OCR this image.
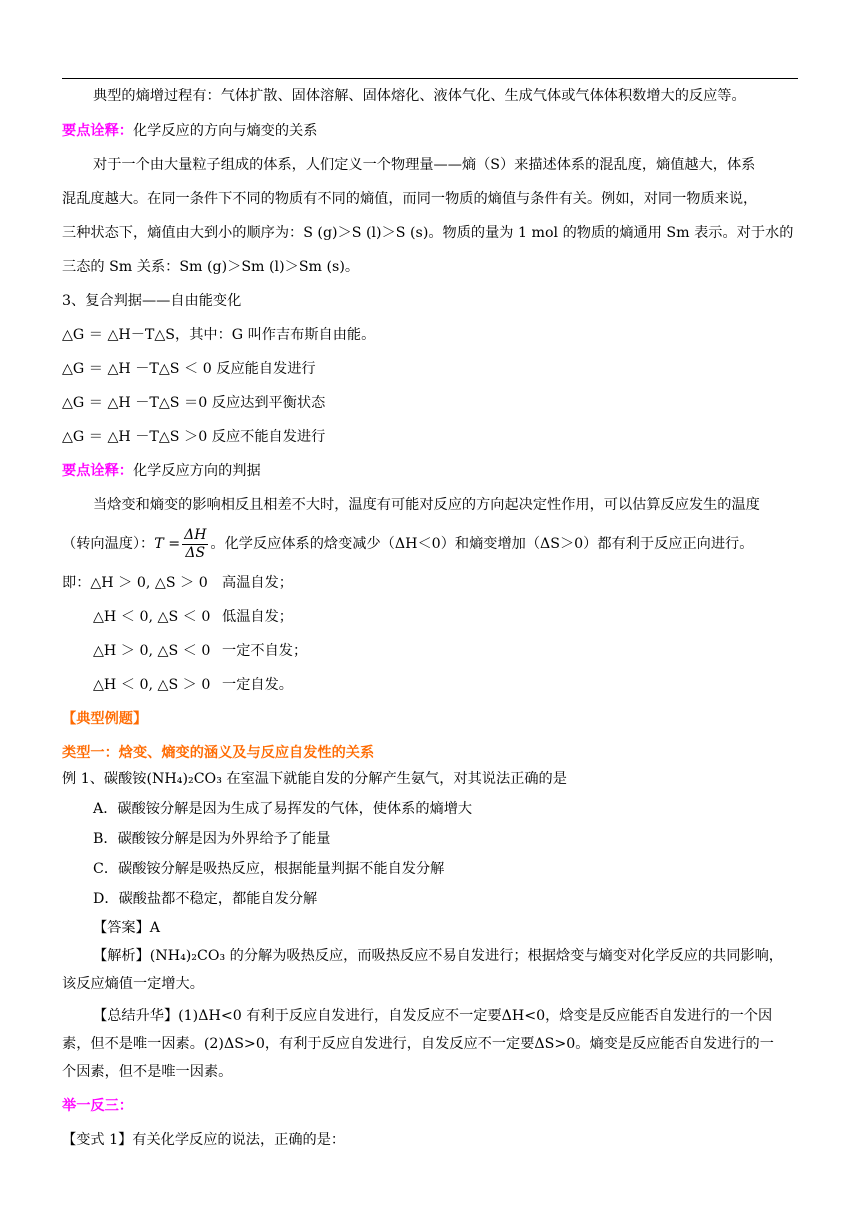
典型的熵增过程有：气体扩散、固体溶解、固体熔化、液体气化、生成气体或气体体积数增大的反应等。
要点诠释：化学反应的方向与熵变的关系
对于一个由大量粒子组成的体系，人们定义一个物理量——熵（S）来描述体系的混乱度，熵值越大，体系
混乱度越大。在同一条件下不同的物质有不同的熵值，而同一物质的熵值与条件有关。例如，对同一物质来说，
三种状态下，熵值由大到小的顺序为：S (g)＞S (l)＞S (s)。物质的量为 1 mol 的物质的熵通用 Sm 表示。对于水的
三态的 Sm 关系：Sm (g)＞Sm (l)＞Sm (s)。
3、复合判据——自由能变化
△G ＝ △H－T△S，其中：G 叫作吉布斯自由能。
△G ＝ △H －T△S ＜ 0 反应能自发进行
△G ＝ △H －T△S ＝0 反应达到平衡状态
△G ＝ △H －T△S ＞0 反应不能自发进行
要点诠释：化学反应方向的判据
当焓变和熵变的影响相反且相差不大时，温度有可能对反应的方向起决定性作用，可以估算反应发生的温度
（转向温度）：$T = \frac{\Delta H}{\Delta S}$ 。化学反应体系的焓变减少（ΔH＜0）和熵变增加（ΔS＞0）都有利于反应正向进行。
即：△H ＞ 0, △S ＞ 0 高温自发；
△H ＜ 0, △S ＜ 0 低温自发；
△H ＞ 0, △S ＜ 0 一定不自发；
△H ＜ 0, △S ＞ 0 一定自发。
【典型例题】
类型一：焓变、熵变的涵义及与反应自发性的关系
例 1、碳酸铵(NH₄)₂CO₃ 在室温下就能自发的分解产生氨气，对其说法正确的是
A．碳酸铵分解是因为生成了易挥发的气体，使体系的熵增大
B．碳酸铵分解是因为外界给予了能量
C．碳酸铵分解是吸热反应，根据能量判据不能自发分解
D．碳酸盐都不稳定，都能自发分解
【答案】A
【解析】(NH₄)₂CO₃ 的分解为吸热反应，而吸热反应不易自发进行；根据焓变与熵变对化学反应的共同影响，
该反应熵值一定增大。
【总结升华】(1)ΔH<0 有利于反应自发进行，自发反应不一定要ΔH<0，焓变是反应能否自发进行的一个因
素，但不是唯一因素。(2)ΔS>0，有利于反应自发进行，自发反应不一定要ΔS>0。熵变是反应能否自发进行的一
个因素，但不是唯一因素。
举一反三：
【变式 1】有关化学反应的说法，正确的是：
